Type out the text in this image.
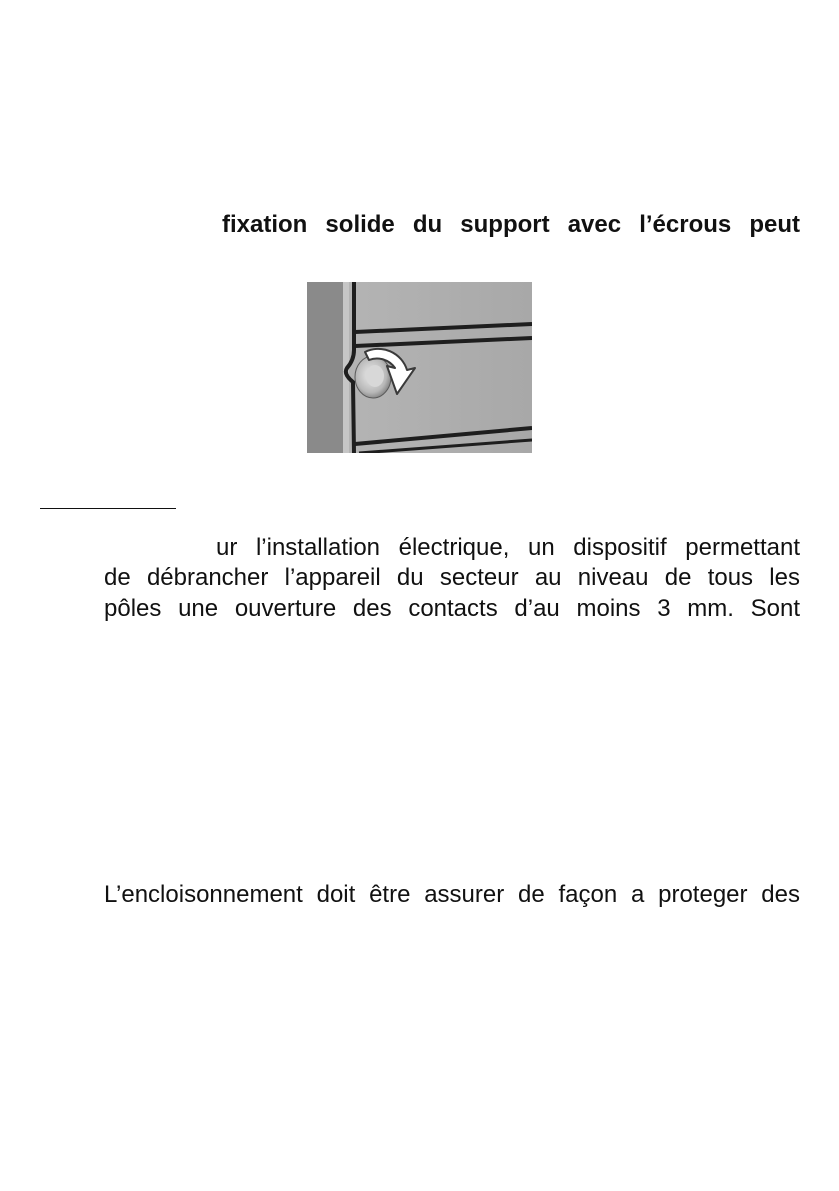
fixation solide du support avec l’écrous peut
ur l’installation électrique, un dispositif permettant
de débrancher l’appareil du secteur au niveau de tous les
pôles une ouverture des contacts d’au moins 3 mm. Sont
L’encloisonnement doit être assurer de façon a proteger des
